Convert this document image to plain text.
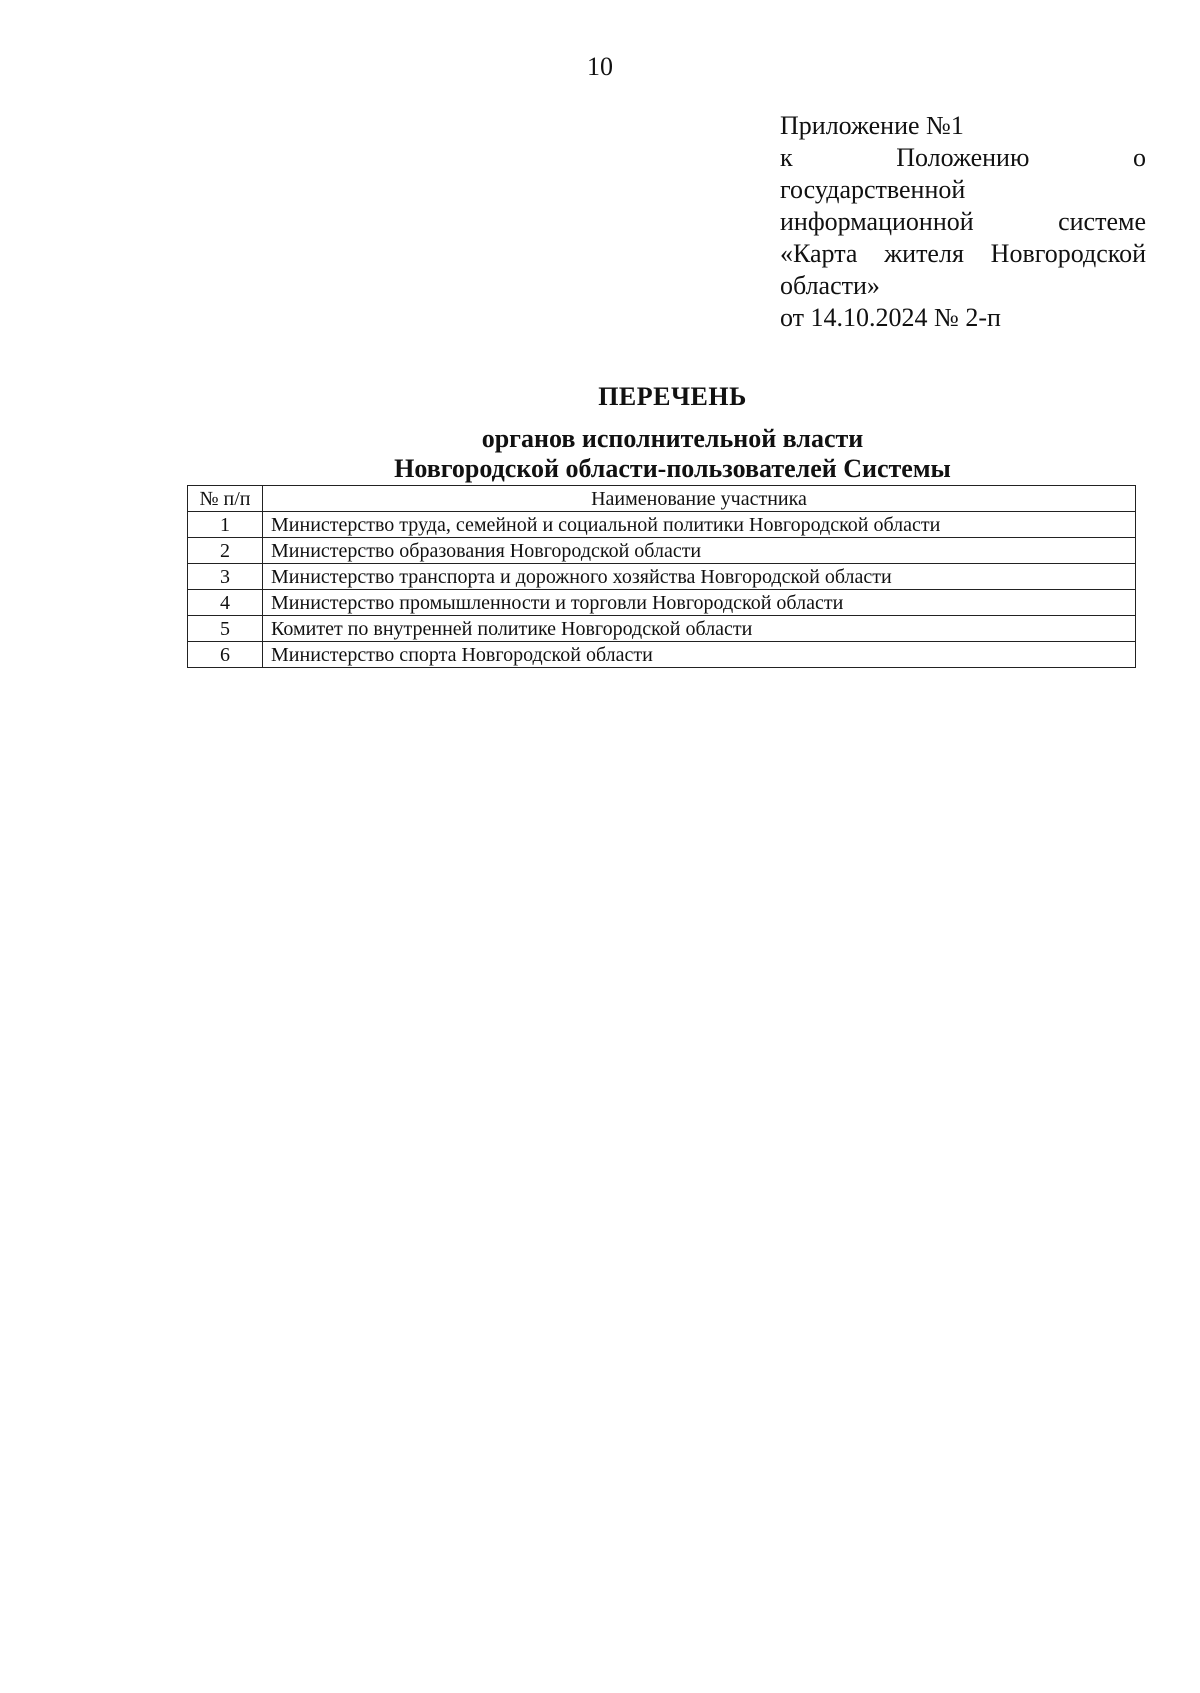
10
Приложение №1
к Положению о
государственной
информационной системе
«Карта жителя Новгородской
области»
от 14.10.2024 № 2-п
ПЕРЕЧЕНЬ
органов исполнительной власти
Новгородской области-пользователей Системы
№ п/п	Наименование участника
1	Министерство труда, семейной и социальной политики Новгородской области
2	Министерство образования Новгородской области
3	Министерство транспорта и дорожного хозяйства Новгородской области
4	Министерство промышленности и торговли Новгородской области
5	Комитет по внутренней политике Новгородской области
6	Министерство спорта Новгородской области
